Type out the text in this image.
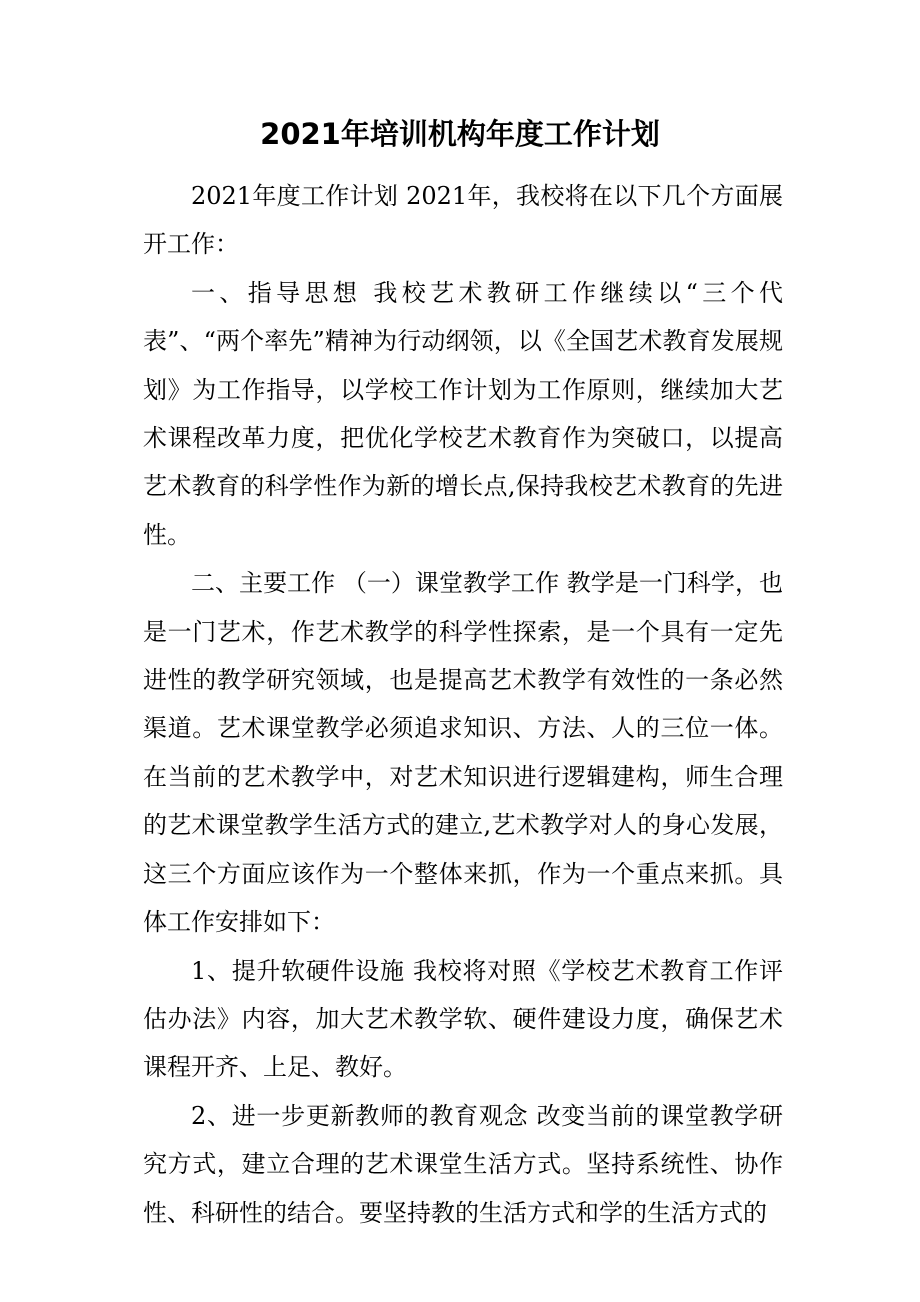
2021年培训机构年度工作计划

2021年度工作计划 2021年，我校将在以下几个方面展开工作：

一、指导思想 我校艺术教研工作继续以“三个代表”、“两个率先”精神为行动纲领，以《全国艺术教育发展规划》为工作指导，以学校工作计划为工作原则，继续加大艺术课程改革力度，把优化学校艺术教育作为突破口，以提高艺术教育的科学性作为新的增长点,保持我校艺术教育的先进性。

二、主要工作 （一）课堂教学工作 教学是一门科学，也是一门艺术，作艺术教学的科学性探索，是一个具有一定先进性的教学研究领域，也是提高艺术教学有效性的一条必然渠道。艺术课堂教学必须追求知识、方法、人的三位一体。在当前的艺术教学中，对艺术知识进行逻辑建构，师生合理的艺术课堂教学生活方式的建立,艺术教学对人的身心发展，这三个方面应该作为一个整体来抓，作为一个重点来抓。具体工作安排如下：

1、提升软硬件设施 我校将对照《学校艺术教育工作评估办法》内容，加大艺术教学软、硬件建设力度，确保艺术课程开齐、上足、教好。

2、进一步更新教师的教育观念 改变当前的课堂教学研究方式，建立合理的艺术课堂生活方式。坚持系统性、协作性、科研性的结合。要坚持教的生活方式和学的生活方式的
